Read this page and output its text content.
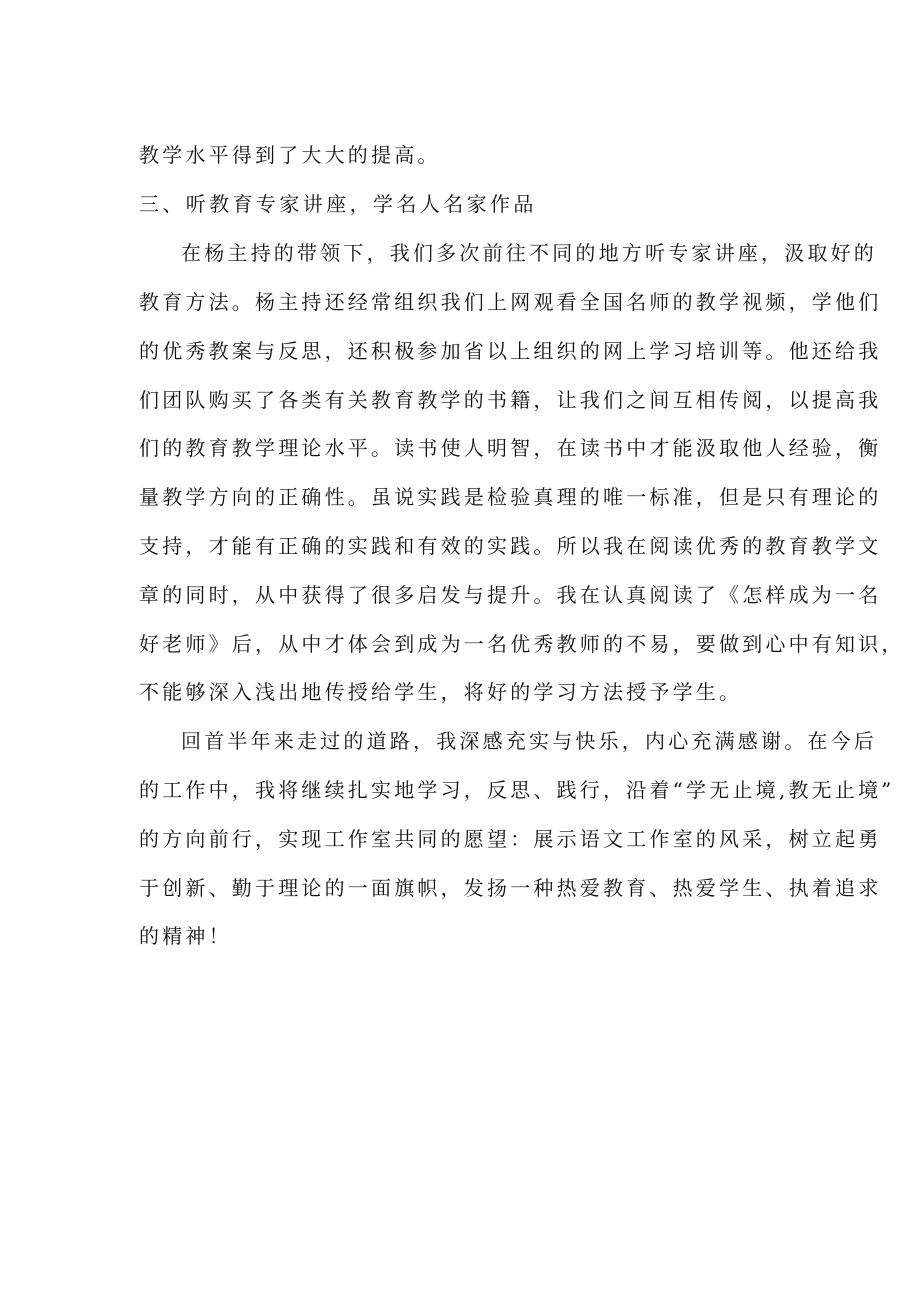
教学水平得到了大大的提高。
三、听教育专家讲座，学名人名家作品
在杨主持的带领下，我们多次前往不同的地方听专家讲座，汲取好的
教育方法。杨主持还经常组织我们上网观看全国名师的教学视频，学他们
的优秀教案与反思，还积极参加省以上组织的网上学习培训等。他还给我
们团队购买了各类有关教育教学的书籍，让我们之间互相传阅，以提高我
们的教育教学理论水平。读书使人明智，在读书中才能汲取他人经验，衡
量教学方向的正确性。虽说实践是检验真理的唯一标准，但是只有理论的
支持，才能有正确的实践和有效的实践。所以我在阅读优秀的教育教学文
章的同时，从中获得了很多启发与提升。我在认真阅读了《怎样成为一名
好老师》后，从中才体会到成为一名优秀教师的不易，要做到心中有知识，
不能够深入浅出地传授给学生，将好的学习方法授予学生。
回首半年来走过的道路，我深感充实与快乐，内心充满感谢。在今后
的工作中，我将继续扎实地学习，反思、践行，沿着“学无止境,教无止境”
的方向前行，实现工作室共同的愿望：展示语文工作室的风采，树立起勇
于创新、勤于理论的一面旗帜，发扬一种热爱教育、热爱学生、执着追求
的精神！
